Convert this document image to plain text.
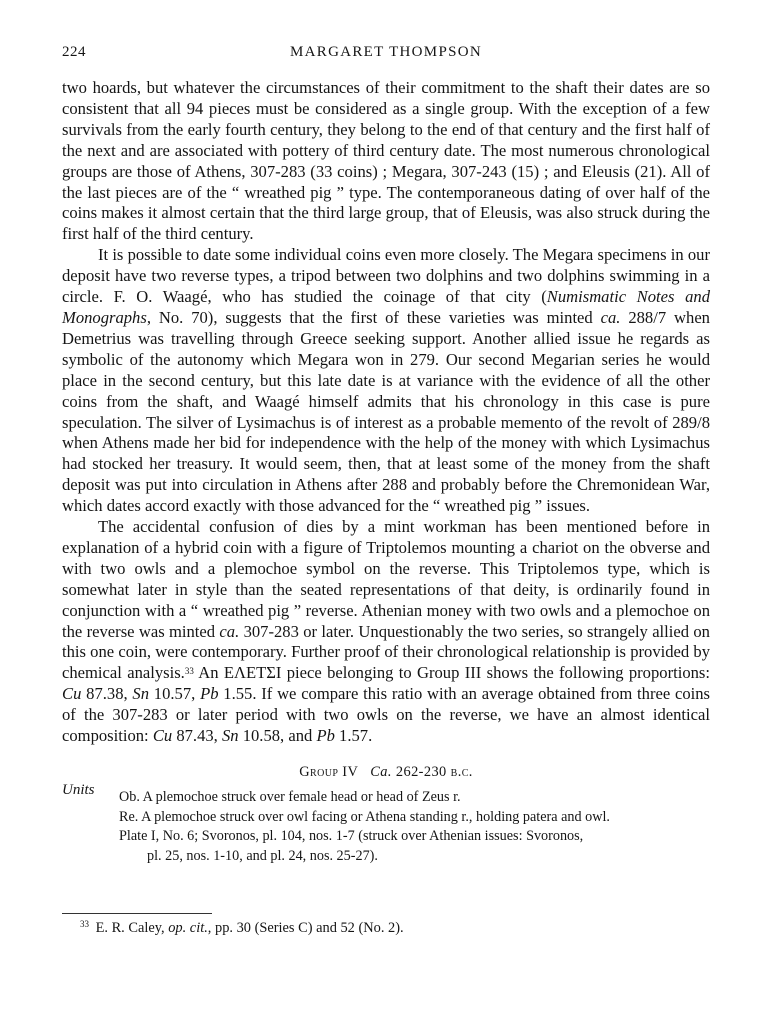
224	MARGARET THOMPSON

two hoards, but whatever the circumstances of their commitment to the shaft their dates are so consistent that all 94 pieces must be considered as a single group. With the exception of a few survivals from the early fourth century, they belong to the end of that century and the first half of the next and are associated with pottery of third century date. The most numerous chronological groups are those of Athens, 307-283 (33 coins) ; Megara, 307-243 (15) ; and Eleusis (21). All of the last pieces are of the “ wreathed pig ” type. The contemporaneous dating of over half of the coins makes it almost certain that the third large group, that of Eleusis, was also struck during the first half of the third century.

It is possible to date some individual coins even more closely. The Megara specimens in our deposit have two reverse types, a tripod between two dolphins and two dolphins swimming in a circle. F. O. Waagé, who has studied the coinage of that city (Numismatic Notes and Monographs, No. 70), suggests that the first of these varieties was minted ca. 288/7 when Demetrius was travelling through Greece seeking support. Another allied issue he regards as symbolic of the autonomy which Megara won in 279. Our second Megarian series he would place in the second century, but this late date is at variance with the evidence of all the other coins from the shaft, and Waagé himself admits that his chronology in this case is pure speculation. The silver of Lysimachus is of interest as a probable memento of the revolt of 289/8 when Athens made her bid for independence with the help of the money with which Lysimachus had stocked her treasury. It would seem, then, that at least some of the money from the shaft deposit was put into circulation in Athens after 288 and probably before the Chremonidean War, which dates accord exactly with those advanced for the “ wreathed pig ” issues.

The accidental confusion of dies by a mint workman has been mentioned before in explanation of a hybrid coin with a figure of Triptolemos mounting a chariot on the obverse and with two owls and a plemochoe symbol on the reverse. This Triptolemos type, which is somewhat later in style than the seated representations of that deity, is ordinarily found in conjunction with a “ wreathed pig ” reverse. Athenian money with two owls and a plemochoe on the reverse was minted ca. 307-283 or later. Unquestionably the two series, so strangely allied on this one coin, were contemporary. Further proof of their chronological relationship is provided by chemical analysis.$^{33}$ An ΕΛΕΤΣΙ piece belonging to Group III shows the following proportions: Cu 87.38, Sn 10.57, Pb 1.55. If we compare this ratio with an average obtained from three coins of the 307-283 or later period with two owls on the reverse, we have an almost identical composition: Cu 87.43, Sn 10.58, and Pb 1.57.

Group IV Ca. 262-230 b.c.
Units Ob. A plemochoe struck over female head or head of Zeus r.
Re. A plemochoe struck over owl facing or Athena standing r., holding patera and owl.
Plate I, No. 6; Svoronos, pl. 104, nos. 1-7 (struck over Athenian issues: Svoronos,
pl. 25, nos. 1-10, and pl. 24, nos. 25-27).
$^{33}$ E. R. Caley, op. cit., pp. 30 (Series C) and 52 (No. 2).
